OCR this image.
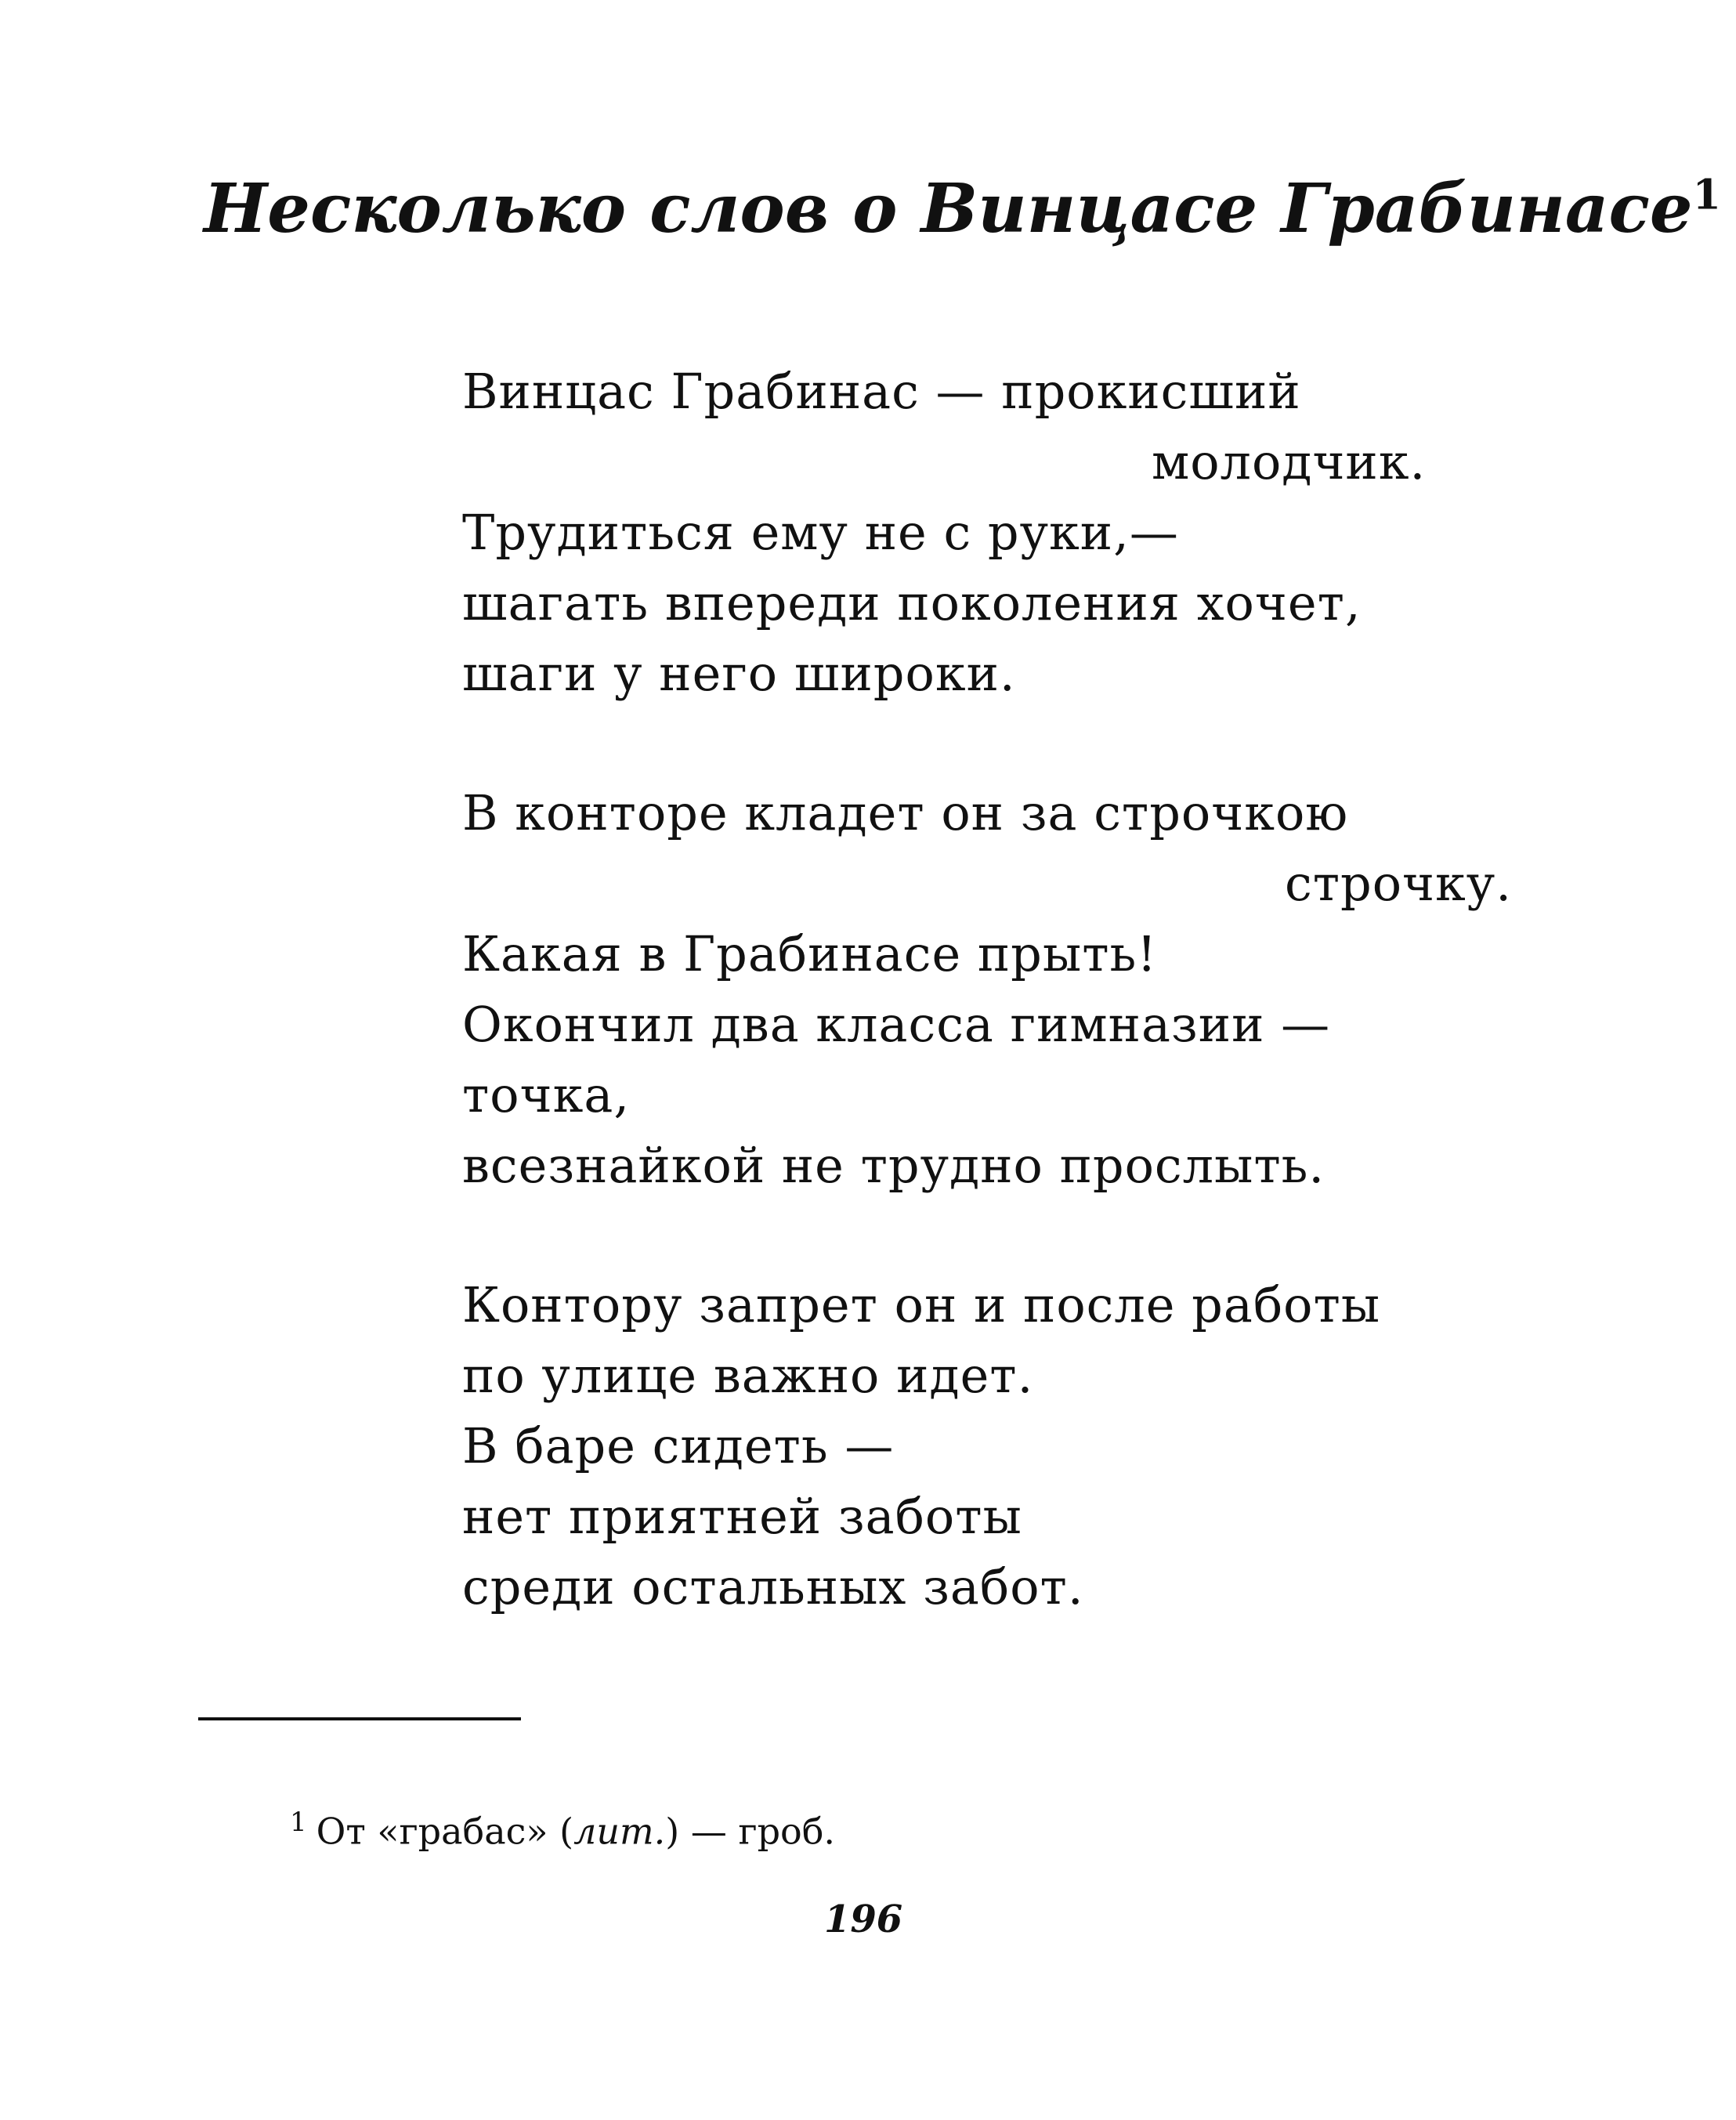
Несколько слов о Винцасе Грабинасе$^1$
Винцас Грабинас — прокисший
молодчик.
Трудиться ему не с руки,—
шагать впереди поколения хочет,
шаги у него широки.
В конторе кладет он за строчкою
строчку.
Какая в Грабинасе прыть!
Окончил два класса гимназии —
точка,
всезнайкой не трудно прослыть.
Контору запрет он и после работы
по улице важно идет.
В баре сидеть —
нет приятней заботы
среди остальных забот.
$^1$ От «грабас» (лит.) — гроб.
196
